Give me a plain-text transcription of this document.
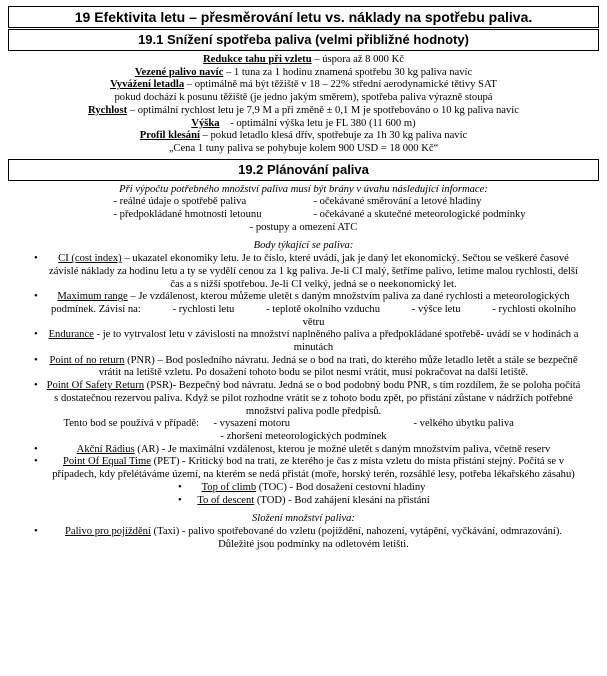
19 Efektivita letu – přesměrování letu vs. náklady na spotřebu paliva.
19.1 Snížení spotřeba paliva (velmi přibližné hodnoty)

Redukce tahu při vzletu – úspora až 8 000 Kč

Vezené palivo navíc – 1 tuna za 1 hodinu znamená spotřebu 30 kg paliva navíc

Vyvážení letadla – optimálně má být těžiště v 18 – 22% střední aerodynamické tětivy SAT

pokud dochází k posunu těžiště (je jedno jakým směrem), spotřeba paliva výrazně stoupá

Rychlost – optimální rychlost letu je 7,9 M a při změně ± 0,1 M je spotřebováno o 10 kg paliva navíc

Výška    - optimální výška letu je FL 380 (11 600 m)

Profil klesání – pokud letadlo klesá dřív, spotřebuje za 1h 30 kg paliva navíc

„Cena 1 tuny paliva se pohybuje kolem 900 USD = 18 000 Kč“

19.2 Plánování paliva

Při výpočtu potřebného množství paliva musí být brány v úvahu následující informace:

- reálné údaje o spotřebě paliva	- očekávané směrování a letové hladiny
- předpokládané hmotnosti letounu	- očekávané a skutečné meteorologické podmínky

- postupy a omezení ATC

Body týkající se paliva:

• CI (cost index) – ukazatel ekonomiky letu. Je to číslo, které uvádí, jak je daný let ekonomický. Sečtou se veškeré časové závislé náklady za hodinu letu a ty se vydělí cenou za 1 kg paliva. Je-li CI malý, šetříme palivo, letíme malou rychlostí, delší čas a s nižší spotřebou. Je-li CI velký, jedná se o neekonomický let.
• Maximum range – Je vzdálenost, kterou můžeme uletět s daným množstvím paliva za dané rychlosti a meteorologických podmínek. Závisí na:            - rychlosti letu            - teplotě okolního vzduchu            - výšce letu            - rychlosti okolního větru
• Endurance - je to vytrvalost letu v závislosti na množství naplněného paliva a předpokládané spotřebě- uvádí se v hodinách a minutách
• Point of no return (PNR) – Bod posledního návratu. Jedná se o bod na trati, do kterého může letadlo letět a stále se bezpečně vrátit na letiště vzletu. Po dosažení tohoto bodu se pilot nesmí vrátit, musí pokračovat na další letiště.
• Point Of Safety Return (PSR)- Bezpečný bod návratu. Jedná se o bod podobný bodu PNR, s tím rozdílem, že se poloha počítá s dostatečnou rezervou paliva. Když se pilot rozhodne vrátit se z tohoto bodu zpět, po přistání zůstane v nádržích potřebné množství paliva podle předpisů.
Tento bod se používá v případě:	- vysazení motoru	- velkého úbytku paliva

- zhoršení meteorologických podmínek

•	Akční Rádius (AR) - Je maximální vzdálenost, kterou je možné uletět s daným množstvím paliva, včetně reserv
• Point Of Equal Time (PET) - Kritický bod na trati, ze kterého je čas z místa vzletu do místa přistání stejný. Počítá se v případech, kdy přelétáváme území, na kterém se nedá přistát (moře, horský terén, rozsáhlé lesy, potřeba lékařského zásahu)
• Top of climb (TOC) - Bod dosažení cestovní hladiny
• To of descent (TOD) - Bod zahájení klesání na přistání

Složení množství paliva:

•	Palivo pro pojíždění (Taxi) - palivo spotřebované do vzletu (pojíždění, nahození, vytápění, vyčkávání, odmrazování). Důležité jsou podmínky na odletovém letišti.
